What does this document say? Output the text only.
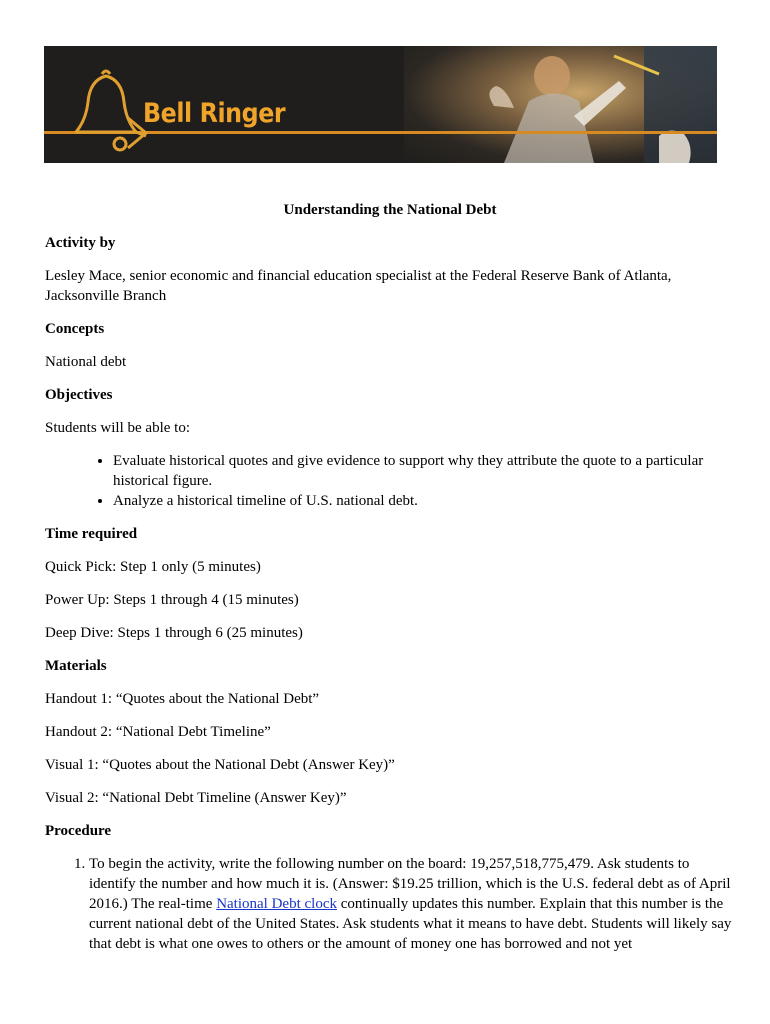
Bell Ringer
Understanding the National Debt
Activity by

Lesley Mace, senior economic and financial education specialist at the Federal Reserve Bank of Atlanta, Jacksonville Branch

Concepts

National debt

Objectives

Students will be able to:

• Evaluate historical quotes and give evidence to support why they attribute the quote to a particular historical figure.
• Analyze a historical timeline of U.S. national debt.
Time required

Quick Pick: Step 1 only (5 minutes)

Power Up: Steps 1 through 4 (15 minutes)

Deep Dive: Steps 1 through 6 (25 minutes)

Materials

Handout 1: “Quotes about the National Debt”

Handout 2: “National Debt Timeline”

Visual 1: “Quotes about the National Debt (Answer Key)”

Visual 2: “National Debt Timeline (Answer Key)”

Procedure
1. To begin the activity, write the following number on the board: 19,257,518,775,479. Ask students to identify the number and how much it is. (Answer: $19.25 trillion, which is the U.S. federal debt as of April 2016.) The real-time National Debt clock continually updates this number. Explain that this number is the current national debt of the United States. Ask students what it means to have debt. Students will likely say that debt is what one owes to others or the amount of money one has borrowed and not yet
